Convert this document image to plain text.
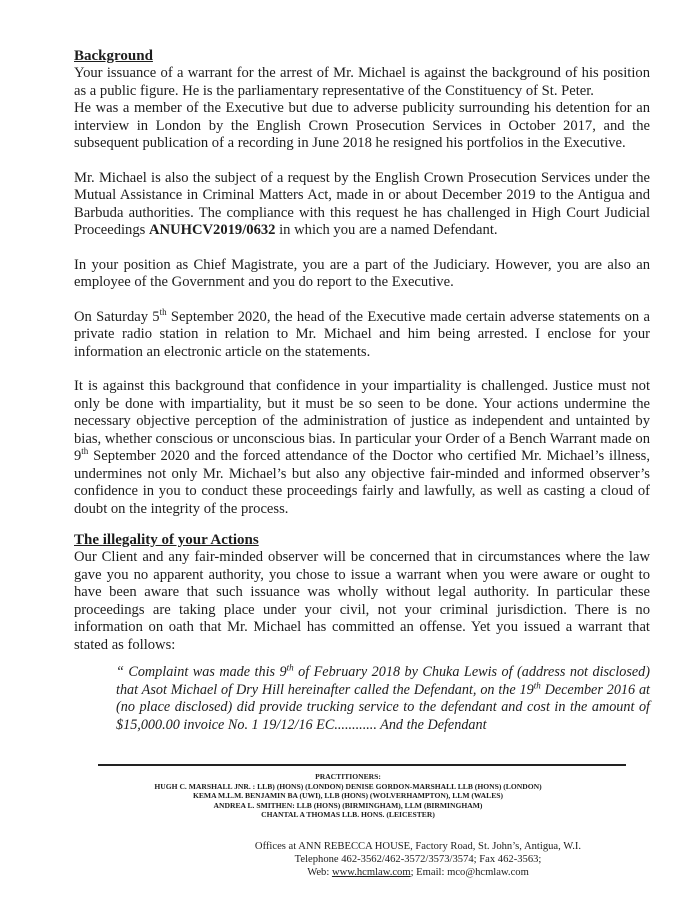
Background

Your issuance of a warrant for the arrest of Mr. Michael is against the background of his position as a public figure. He is the parliamentary representative of the Constituency of St. Peter.

He was a member of the Executive but due to adverse publicity surrounding his detention for an interview in London by the English Crown Prosecution Services in October 2017, and the subsequent publication of a recording in June 2018 he resigned his portfolios in the Executive.

Mr. Michael is also the subject of a request by the English Crown Prosecution Services under the Mutual Assistance in Criminal Matters Act, made in or about December 2019 to the Antigua and Barbuda authorities. The compliance with this request he has challenged in High Court Judicial Proceedings ANUHCV2019/0632 in which you are a named Defendant.

In your position as Chief Magistrate, you are a part of the Judiciary. However, you are also an employee of the Government and you do report to the Executive.

On Saturday 5th September 2020, the head of the Executive made certain adverse statements on a private radio station in relation to Mr. Michael and him being arrested. I enclose for your information an electronic article on the statements.

It is against this background that confidence in your impartiality is challenged. Justice must not only be done with impartiality, but it must be so seen to be done. Your actions undermine the necessary objective perception of the administration of justice as independent and untainted by bias, whether conscious or unconscious bias. In particular your Order of a Bench Warrant made on 9th September 2020 and the forced attendance of the Doctor who certified Mr. Michael’s illness, undermines not only Mr. Michael’s but also any objective fair-minded and informed observer’s confidence in you to conduct these proceedings fairly and lawfully, as well as casting a cloud of doubt on the integrity of the process.

The illegality of your Actions

Our Client and any fair-minded observer will be concerned that in circumstances where the law gave you no apparent authority, you chose to issue a warrant when you were aware or ought to have been aware that such issuance was wholly without legal authority. In particular these proceedings are taking place under your civil, not your criminal jurisdiction. There is no information on oath that Mr. Michael has committed an offense. Yet you issued a warrant that stated as follows:

“ Complaint was made this 9th of February 2018 by Chuka Lewis of (address not disclosed) that Asot Michael of Dry Hill hereinafter called the Defendant, on the 19th December 2016 at (no place disclosed) did provide trucking service to the defendant and cost in the amount of $15,000.00 invoice No. 1 19/12/16 EC............ And the Defendant

PRACTITIONERS:
HUGH C. MARSHALL JNR. : LLB) (HONS) (LONDON) DENISE GORDON-MARSHALL LLB (HONS) (LONDON)
KEMA M.L.M. BENJAMIN BA (UWI), LLB (HONS) (WOLVERHAMPTON), LLM (WALES)
ANDREA L. SMITHEN: LLB (HONS) (BIRMINGHAM), LLM (BIRMINGHAM)
CHANTAL A THOMAS LLB. HONS. (LEICESTER)
Offices at ANN REBECCA HOUSE, Factory Road, St. John’s, Antigua, W.I.
Telephone 462-3562/462-3572/3573/3574; Fax 462-3563;
Web: www.hcmlaw.com; Email: mco@hcmlaw.com
